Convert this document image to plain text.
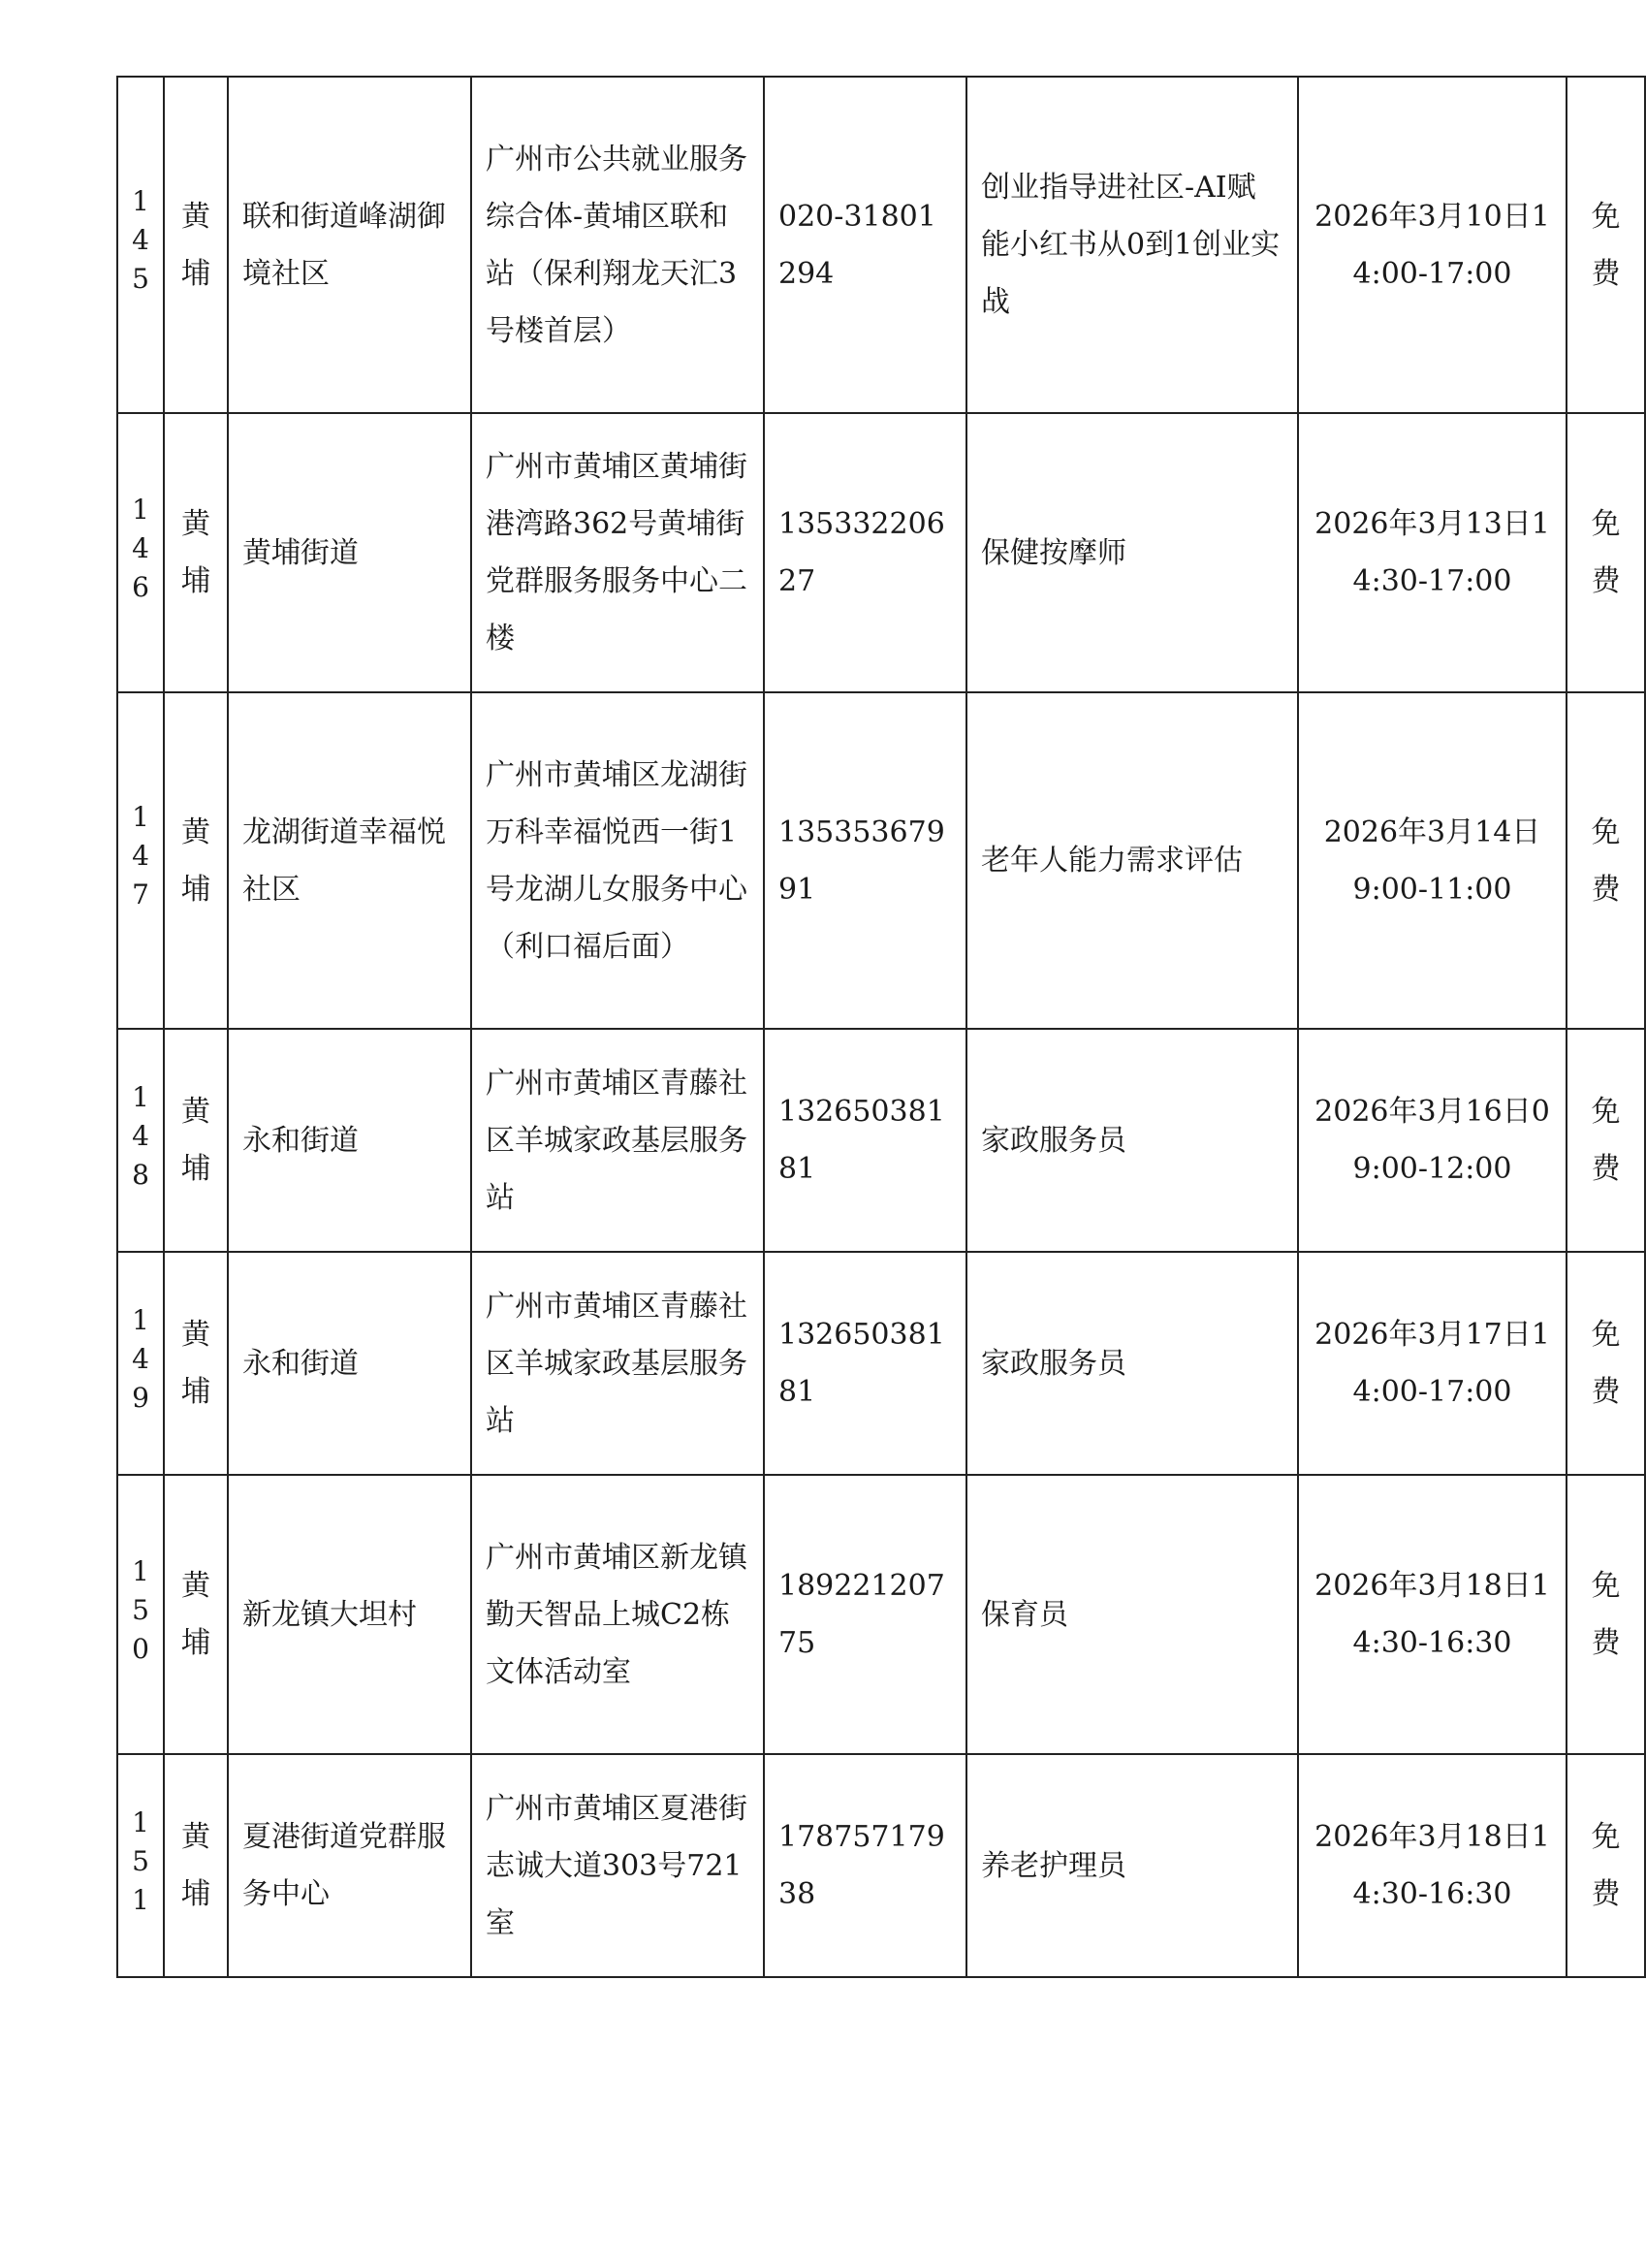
145	黄埔	联和街道峰湖御境社区	广州市公共就业服务综合体-黄埔区联和站（保利翔龙天汇3号楼首层）	020-31801294	创业指导进社区-AI赋能小红书从0到1创业实战	2026年3月10日14:00-17:00	免费
146	黄埔	黄埔街道	广州市黄埔区黄埔街港湾路362号黄埔街党群服务服务中心二楼	13533220627	保健按摩师	2026年3月13日14:30-17:00	免费
147	黄埔	龙湖街道幸福悦社区	广州市黄埔区龙湖街万科幸福悦西一街1号龙湖儿女服务中心（利口福后面）	13535367991	老年人能力需求评估	2026年3月14日9:00-11:00	免费
148	黄埔	永和街道	广州市黄埔区青藤社区羊城家政基层服务站	13265038181	家政服务员	2026年3月16日09:00-12:00	免费
149	黄埔	永和街道	广州市黄埔区青藤社区羊城家政基层服务站	13265038181	家政服务员	2026年3月17日14:00-17:00	免费
150	黄埔	新龙镇大坦村	广州市黄埔区新龙镇勤天智品上城C2栋文体活动室	18922120775	保育员	2026年3月18日14:30-16:30	免费
151	黄埔	夏港街道党群服务中心	广州市黄埔区夏港街志诚大道303号721室	17875717938	养老护理员	2026年3月18日14:30-16:30	免费
